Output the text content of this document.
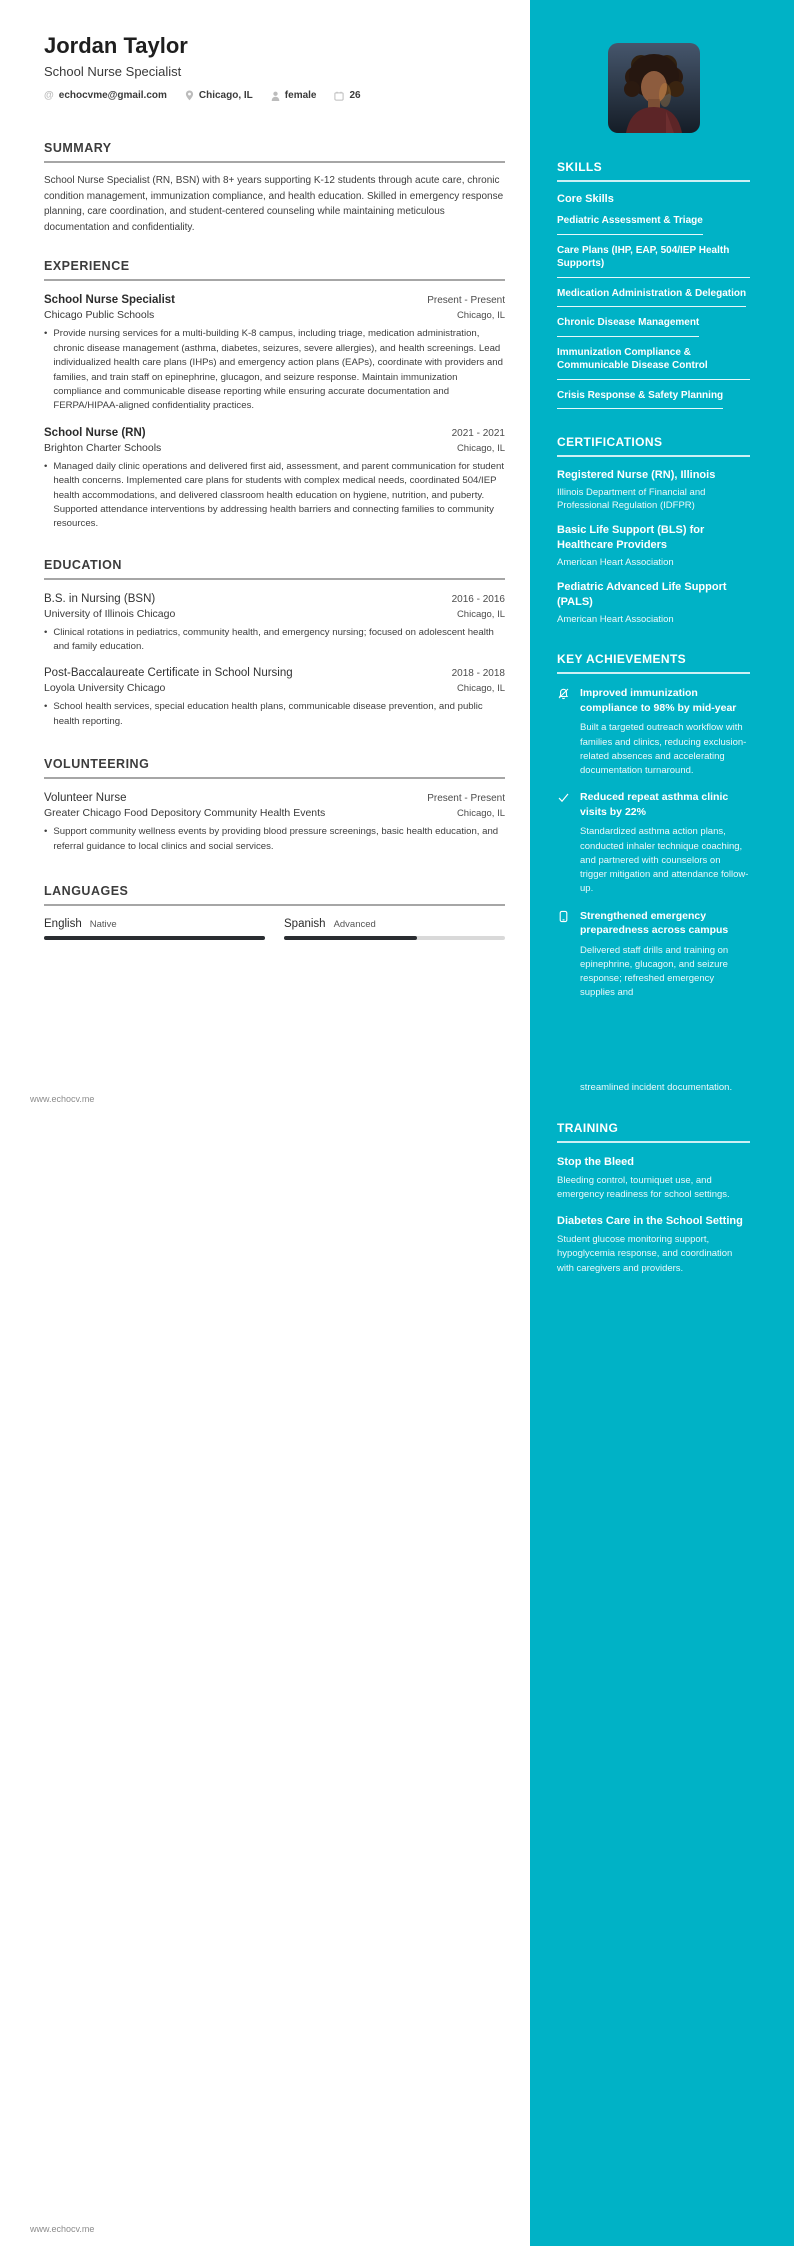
SKILLS
Core Skills
Pediatric Assessment & Triage
Care Plans (IHP, EAP, 504/IEP Health Supports)
Medication Administration & Delegation
Chronic Disease Management
Immunization Compliance & Communicable Disease Control
Crisis Response & Safety Planning
CERTIFICATIONS
Registered Nurse (RN), Illinois
Illinois Department of Financial and Professional Regulation (IDFPR)
Basic Life Support (BLS) for Healthcare Providers
American Heart Association
Pediatric Advanced Life Support (PALS)
American Heart Association
KEY ACHIEVEMENTS
Improved immunization compliance to 98% by mid-year
Built a targeted outreach workflow with families and clinics, reducing exclusion-related absences and accelerating documentation turnaround.
Reduced repeat asthma clinic visits by 22%
Standardized asthma action plans, conducted inhaler technique coaching, and partnered with counselors on trigger mitigation and attendance follow-up.
Strengthened emergency preparedness across campus
Delivered staff drills and training on epinephrine, glucagon, and seizure response; refreshed emergency supplies and
streamlined incident documentation.
TRAINING
Stop the Bleed
Bleeding control, tourniquet use, and emergency readiness for school settings.
Diabetes Care in the School Setting
Student glucose monitoring support, hypoglycemia response, and coordination with caregivers and providers.
Jordan Taylor
School Nurse Specialist
@ echocvme@gmail.com	Chicago, IL	female	26
SUMMARY

School Nurse Specialist (RN, BSN) with 8+ years supporting K-12 students through acute care, chronic condition management, immunization compliance, and health education. Skilled in emergency response planning, care coordination, and student-centered counseling while maintaining meticulous documentation and confidentiality.

EXPERIENCE
School Nurse Specialist	Present - Present
Chicago Public Schools	Chicago, IL
• Provide nursing services for a multi-building K-8 campus, including triage, medication administration, chronic disease management (asthma, diabetes, seizures, severe allergies), and health screenings. Lead individualized health care plans (IHPs) and emergency action plans (EAPs), coordinate with providers and families, and train staff on epinephrine, glucagon, and seizure response. Maintain immunization compliance and communicable disease reporting while ensuring accurate documentation and FERPA/HIPAA-aligned confidentiality practices.
School Nurse (RN)	2021 - 2021
Brighton Charter Schools	Chicago, IL
• Managed daily clinic operations and delivered first aid, assessment, and parent communication for student health concerns. Implemented care plans for students with complex medical needs, coordinated 504/IEP health accommodations, and delivered classroom health education on hygiene, nutrition, and puberty. Supported attendance interventions by addressing health barriers and connecting families to community resources.
EDUCATION
B.S. in Nursing (BSN)	2016 - 2016
University of Illinois Chicago	Chicago, IL
• Clinical rotations in pediatrics, community health, and emergency nursing; focused on adolescent health and family education.
Post-Baccalaureate Certificate in School Nursing	2018 - 2018
Loyola University Chicago	Chicago, IL
• School health services, special education health plans, communicable disease prevention, and public health reporting.
VOLUNTEERING
Volunteer Nurse	Present - Present
Greater Chicago Food Depository Community Health Events	Chicago, IL
• Support community wellness events by providing blood pressure screenings, basic health education, and referral guidance to local clinics and social services.
LANGUAGES
English Native	Spanish Advanced
www.echocv.me
www.echocv.me
